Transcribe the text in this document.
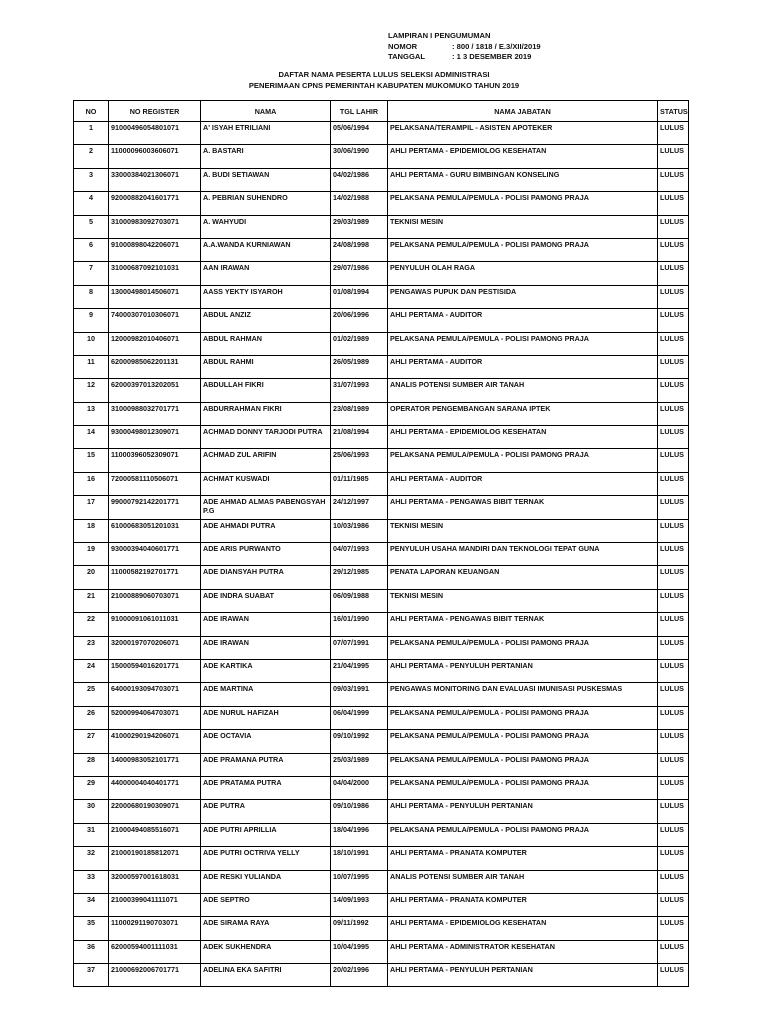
LAMPIRAN I PENGUMUMAN
NOMOR	: 800 / 1818 / E.3/XII/2019
TANGGAL	: 1 3 DESEMBER 2019
DAFTAR NAMA PESERTA LULUS SELEKSI ADMINISTRASI
PENERIMAAN CPNS PEMERINTAH KABUPATEN MUKOMUKO TAHUN 2019
NO	NO REGISTER	NAMA	TGL LAHIR	NAMA JABATAN	STATUS
1	91000496054801071	A' ISYAH ETRILIANI	05/06/1994	PELAKSANA/TERAMPIL - ASISTEN APOTEKER	LULUS
2	11000096003606071	A. BASTARI	30/06/1990	AHLI PERTAMA - EPIDEMIOLOG KESEHATAN	LULUS
3	33000384021306071	A. BUDI SETIAWAN	04/02/1986	AHLI PERTAMA - GURU BIMBINGAN KONSELING	LULUS
4	92000882041601771	A. PEBRIAN SUHENDRO	14/02/1988	PELAKSANA PEMULA/PEMULA - POLISI PAMONG PRAJA	LULUS
5	31000983092703071	A. WAHYUDI	29/03/1989	TEKNISI MESIN	LULUS
6	91000898042206071	A.A.WANDA KURNIAWAN	24/08/1998	PELAKSANA PEMULA/PEMULA - POLISI PAMONG PRAJA	LULUS
7	31000687092101031	AAN IRAWAN	29/07/1986	PENYULUH OLAH RAGA	LULUS
8	13000498014506071	AASS YEKTY ISYAROH	01/08/1994	PENGAWAS PUPUK DAN PESTISIDA	LULUS
9	74000307010306071	ABDUL ANZIZ	20/06/1996	AHLI PERTAMA - AUDITOR	LULUS
10	12000982010406071	ABDUL RAHMAN	01/02/1989	PELAKSANA PEMULA/PEMULA - POLISI PAMONG PRAJA	LULUS
11	62000985062201131	ABDUL RAHMI	26/05/1989	AHLI PERTAMA - AUDITOR	LULUS
12	62000397013202051	ABDULLAH FIKRI	31/07/1993	ANALIS POTENSI SUMBER AIR TANAH	LULUS
13	31000988032701771	ABDURRAHMAN FIKRI	23/08/1989	OPERATOR PENGEMBANGAN SARANA IPTEK	LULUS
14	93000498012309071	ACHMAD DONNY TARJODI PUTRA	21/08/1994	AHLI PERTAMA - EPIDEMIOLOG KESEHATAN	LULUS
15	11000396052309071	ACHMAD ZUL ARIFIN	25/06/1993	PELAKSANA PEMULA/PEMULA - POLISI PAMONG PRAJA	LULUS
16	72000581110506071	ACHMAT KUSWADI	01/11/1985	AHLI PERTAMA - AUDITOR	LULUS
17	99000792142201771	ADE AHMAD ALMAS PABENGSYAH P.G	24/12/1997	AHLI PERTAMA - PENGAWAS BIBIT TERNAK	LULUS
18	61000683051201031	ADE AHMADI PUTRA	10/03/1986	TEKNISI MESIN	LULUS
19	93000394040601771	ADE ARIS PURWANTO	04/07/1993	PENYULUH USAHA MANDIRI DAN TEKNOLOGI TEPAT GUNA	LULUS
20	11000582192701771	ADE DIANSYAH PUTRA	29/12/1985	PENATA LAPORAN KEUANGAN	LULUS
21	21000889060703071	ADE INDRA SUABAT	06/09/1988	TEKNISI MESIN	LULUS
22	91000091061011031	ADE IRAWAN	16/01/1990	AHLI PERTAMA - PENGAWAS BIBIT TERNAK	LULUS
23	32000197070206071	ADE IRAWAN	07/07/1991	PELAKSANA PEMULA/PEMULA - POLISI PAMONG PRAJA	LULUS
24	15000594016201771	ADE KARTIKA	21/04/1995	AHLI PERTAMA - PENYULUH PERTANIAN	LULUS
25	64000193094703071	ADE MARTINA	09/03/1991	PENGAWAS MONITORING DAN EVALUASI IMUNISASI PUSKESMAS	LULUS
26	52000994064703071	ADE NURUL HAFIZAH	06/04/1999	PELAKSANA PEMULA/PEMULA - POLISI PAMONG PRAJA	LULUS
27	41000290194206071	ADE OCTAVIA	09/10/1992	PELAKSANA PEMULA/PEMULA - POLISI PAMONG PRAJA	LULUS
28	14000983052101771	ADE PRAMANA PUTRA	25/03/1989	PELAKSANA PEMULA/PEMULA - POLISI PAMONG PRAJA	LULUS
29	44000004040401771	ADE PRATAMA PUTRA	04/04/2000	PELAKSANA PEMULA/PEMULA - POLISI PAMONG PRAJA	LULUS
30	22000680190309071	ADE PUTRA	09/10/1986	AHLI PERTAMA - PENYULUH PERTANIAN	LULUS
31	21000494085516071	ADE PUTRI APRILLIA	18/04/1996	PELAKSANA PEMULA/PEMULA - POLISI PAMONG PRAJA	LULUS
32	21000190185812071	ADE PUTRI OCTRIVA YELLY	18/10/1991	AHLI PERTAMA - PRANATA KOMPUTER	LULUS
33	32000597001618031	ADE RESKI YULIANDA	10/07/1995	ANALIS POTENSI SUMBER AIR TANAH	LULUS
34	21000399041111071	ADE SEPTRO	14/09/1993	AHLI PERTAMA - PRANATA KOMPUTER	LULUS
35	11000291190703071	ADE SIRAMA RAYA	09/11/1992	AHLI PERTAMA - EPIDEMIOLOG KESEHATAN	LULUS
36	62000594001111031	ADEK SUKHENDRA	10/04/1995	AHLI PERTAMA - ADMINISTRATOR KESEHATAN	LULUS
37	21000692006701771	ADELINA EKA SAFITRI	20/02/1996	AHLI PERTAMA - PENYULUH PERTANIAN	LULUS
